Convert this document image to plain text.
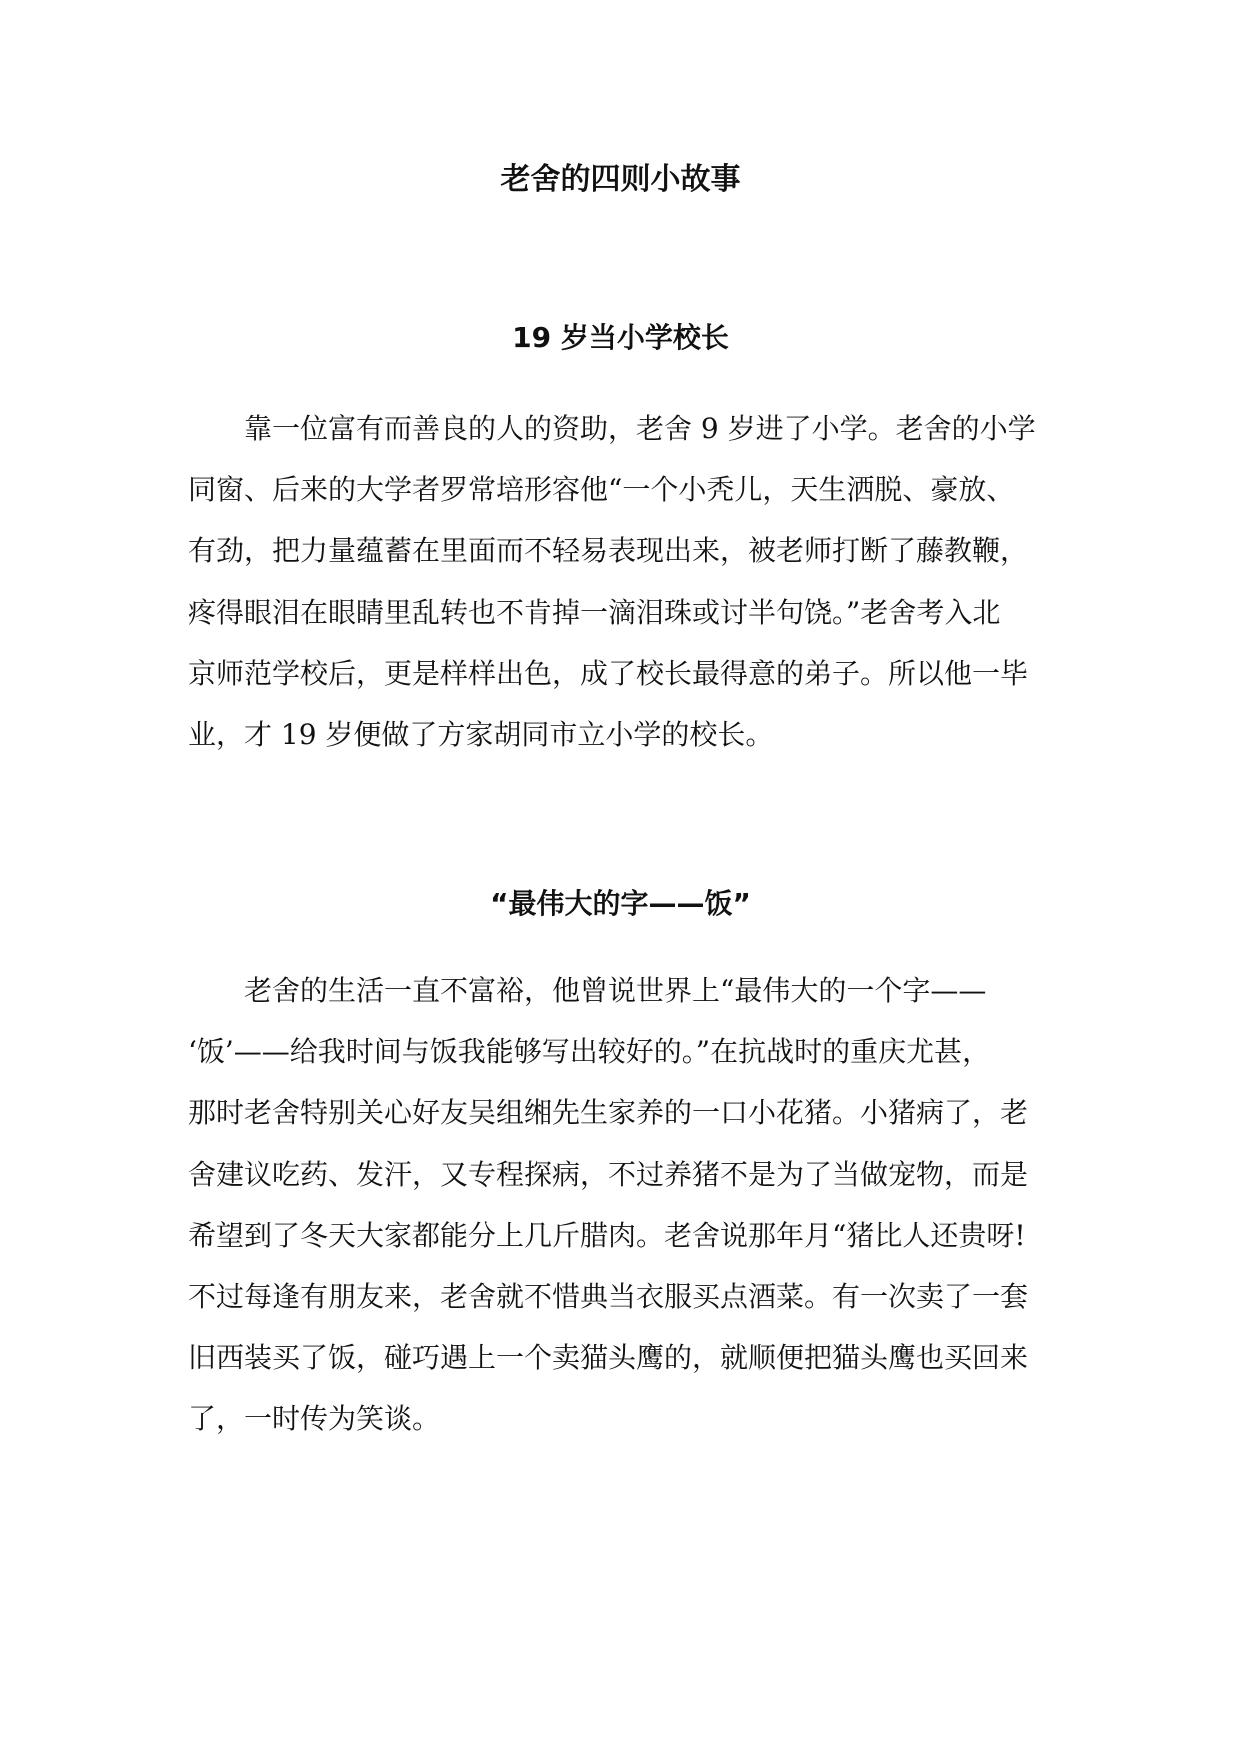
老舍的四则小故事
19 岁当小学校长
靠一位富有而善良的人的资助，老舍 9 岁进了小学。老舍的小学
同窗、后来的大学者罗常培形容他“一个小秃儿，天生洒脱、豪放、
有劲，把力量蕴蓄在里面而不轻易表现出来，被老师打断了藤教鞭，
疼得眼泪在眼睛里乱转也不肯掉一滴泪珠或讨半句饶。”老舍考入北
京师范学校后，更是样样出色，成了校长最得意的弟子。所以他一毕
业，才 19 岁便做了方家胡同市立小学的校长。
“最伟大的字——饭”
老舍的生活一直不富裕，他曾说世界上“最伟大的一个字——
‘饭’——给我时间与饭我能够写出较好的。”在抗战时的重庆尤甚，
那时老舍特别关心好友吴组缃先生家养的一口小花猪。小猪病了，老
舍建议吃药、发汗，又专程探病，不过养猪不是为了当做宠物，而是
希望到了冬天大家都能分上几斤腊肉。老舍说那年月“猪比人还贵呀!
不过每逢有朋友来，老舍就不惜典当衣服买点酒菜。有一次卖了一套
旧西装买了饭，碰巧遇上一个卖猫头鹰的，就顺便把猫头鹰也买回来
了，一时传为笑谈。
